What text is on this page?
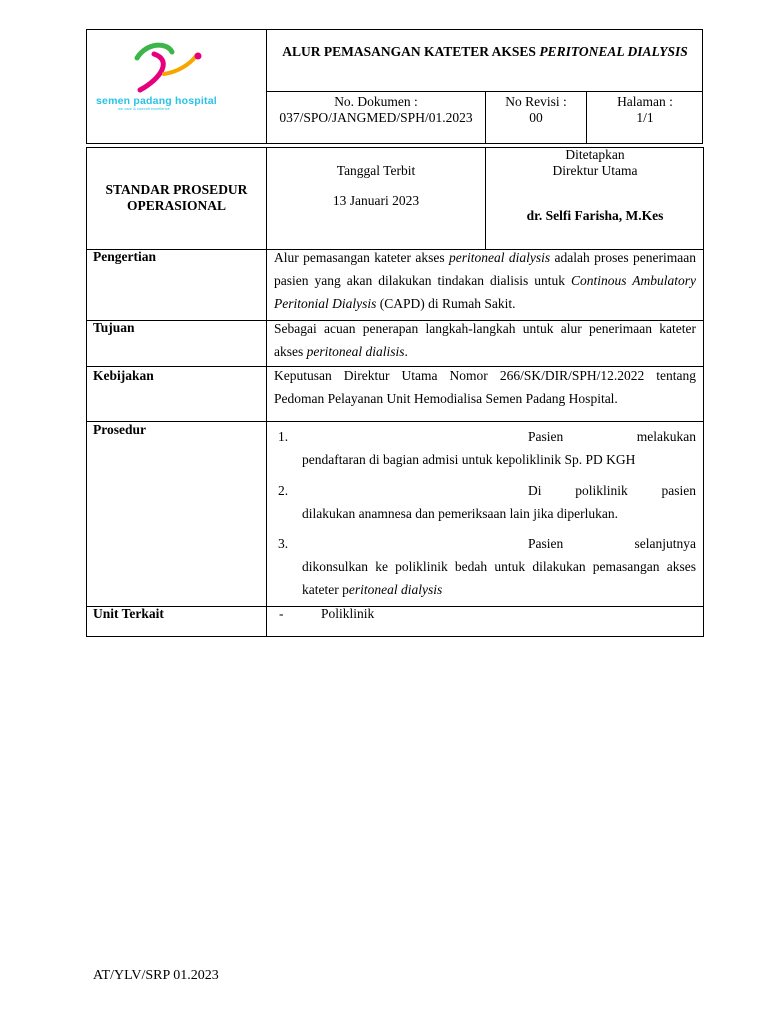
semen padang hospital
we care & commit excellence
ALUR PEMASANGAN KATETER AKSES PERITONEAL DIALYSIS
No. Dokumen :
037/SPO/JANGMED/SPH/01.2023
No Revisi :
00
Halaman :
1/1
STANDAR PROSEDUR
OPERASIONAL
Tanggal Terbit
13 Januari 2023
Ditetapkan
Direktur Utama
dr. Selfi Farisha, M.Kes
Pengertian	Alur pemasangan kateter akses peritoneal dialysis adalah proses penerimaan pasien yang akan dilakukan tindakan dialisis untuk Continous Ambulatory Peritonial Dialysis (CAPD) di Rumah Sakit.
Tujuan	Sebagai acuan penerapan langkah-langkah untuk alur penerimaan kateter akses peritoneal dialisis.
Kebijakan	Keputusan Direktur Utama Nomor 266/SK/DIR/SPH/12.2022 tentang Pedoman Pelayanan Unit Hemodialisa Semen Padang Hospital.
Prosedur	1.	Pasien	melakukan
pendaftaran di bagian admisi untuk kepoliklinik Sp. PD KGH
2.	Di poliklinik pasien
dilakukan anamnesa dan pemeriksaan lain jika diperlukan.
3.	Pasien	selanjutnya
dikonsulkan ke poliklinik bedah untuk dilakukan pemasangan akses kateter peritoneal dialysis
Unit Terkait	-	Poliklinik
AT/YLV/SRP 01.2023
